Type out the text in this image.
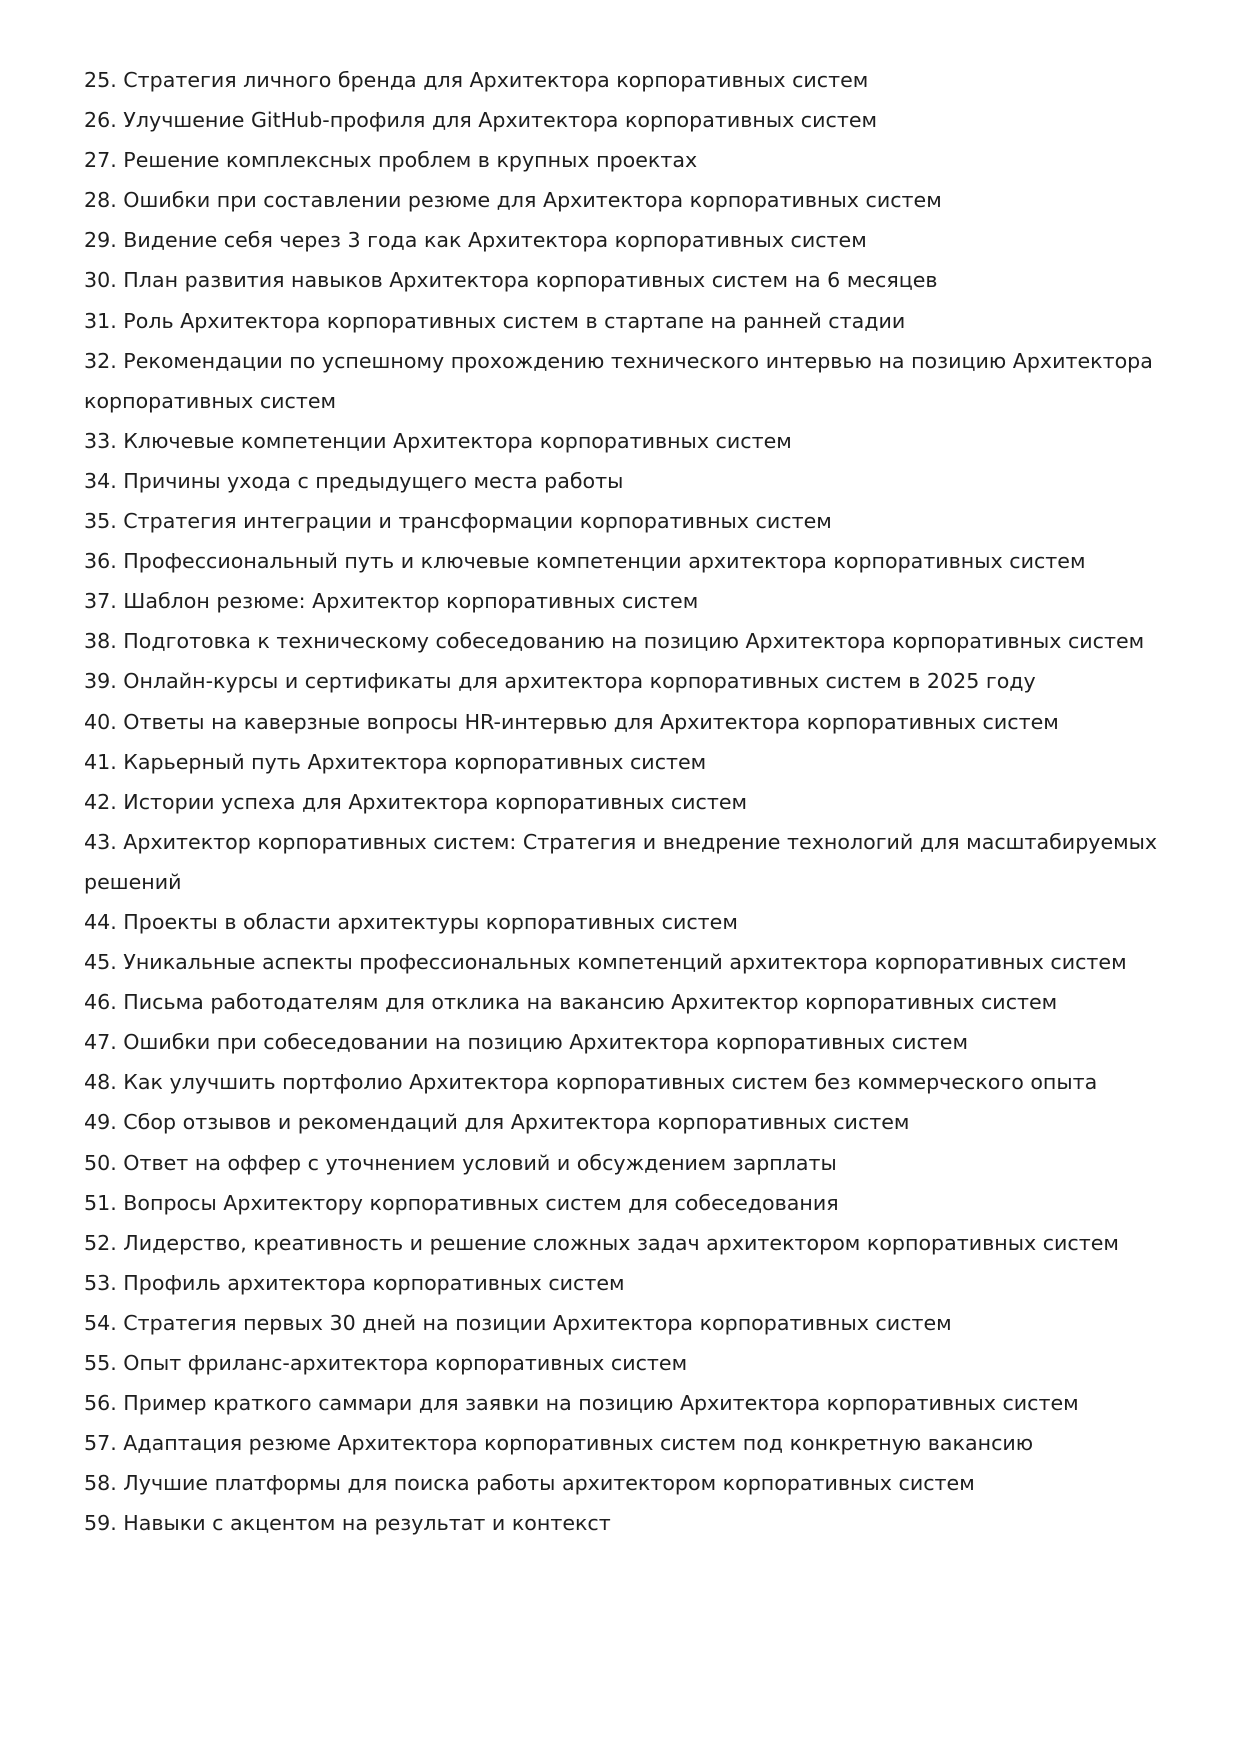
25. Стратегия личного бренда для Архитектора корпоративных систем
26. Улучшение GitHub-профиля для Архитектора корпоративных систем
27. Решение комплексных проблем в крупных проектах
28. Ошибки при составлении резюме для Архитектора корпоративных систем
29. Видение себя через 3 года как Архитектора корпоративных систем
30. План развития навыков Архитектора корпоративных систем на 6 месяцев
31. Роль Архитектора корпоративных систем в стартапе на ранней стадии
32. Рекомендации по успешному прохождению технического интервью на позицию Архитектора корпоративных систем
33. Ключевые компетенции Архитектора корпоративных систем
34. Причины ухода с предыдущего места работы
35. Стратегия интеграции и трансформации корпоративных систем
36. Профессиональный путь и ключевые компетенции архитектора корпоративных систем
37. Шаблон резюме: Архитектор корпоративных систем
38. Подготовка к техническому собеседованию на позицию Архитектора корпоративных систем
39. Онлайн-курсы и сертификаты для архитектора корпоративных систем в 2025 году
40. Ответы на каверзные вопросы HR-интервью для Архитектора корпоративных систем
41. Карьерный путь Архитектора корпоративных систем
42. Истории успеха для Архитектора корпоративных систем
43. Архитектор корпоративных систем: Стратегия и внедрение технологий для масштабируемых решений
44. Проекты в области архитектуры корпоративных систем
45. Уникальные аспекты профессиональных компетенций архитектора корпоративных систем
46. Письма работодателям для отклика на вакансию Архитектор корпоративных систем
47. Ошибки при собеседовании на позицию Архитектора корпоративных систем
48. Как улучшить портфолио Архитектора корпоративных систем без коммерческого опыта
49. Сбор отзывов и рекомендаций для Архитектора корпоративных систем
50. Ответ на оффер с уточнением условий и обсуждением зарплаты
51. Вопросы Архитектору корпоративных систем для собеседования
52. Лидерство, креативность и решение сложных задач архитектором корпоративных систем
53. Профиль архитектора корпоративных систем
54. Стратегия первых 30 дней на позиции Архитектора корпоративных систем
55. Опыт фриланс-архитектора корпоративных систем
56. Пример краткого саммари для заявки на позицию Архитектора корпоративных систем
57. Адаптация резюме Архитектора корпоративных систем под конкретную вакансию
58. Лучшие платформы для поиска работы архитектором корпоративных систем
59. Навыки с акцентом на результат и контекст
